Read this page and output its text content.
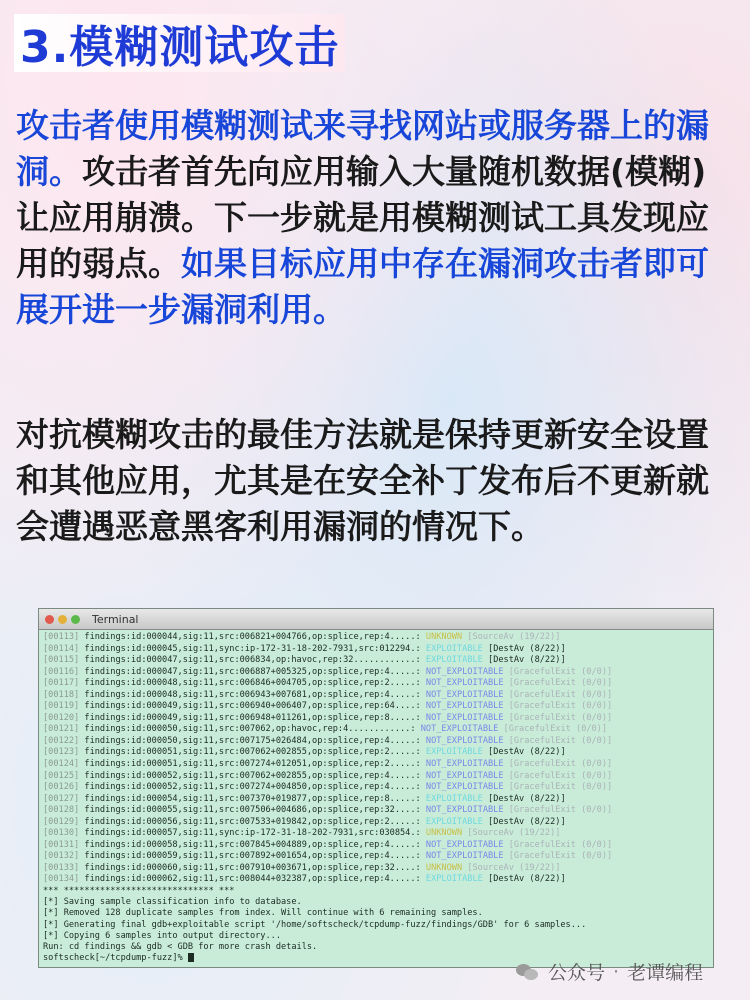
3.模糊测试攻击
攻击者使用模糊测试来寻找网站或服务器上的漏洞。攻击者首先向应用输入大量随机数据(模糊)让应用崩溃。下一步就是用模糊测试工具发现应用的弱点。如果目标应用中存在漏洞攻击者即可展开进一步漏洞利用。
对抗模糊攻击的最佳方法就是保持更新安全设置和其他应用，尤其是在安全补丁发布后不更新就会遭遇恶意黑客利用漏洞的情况下。
Terminal
[00113] findings:id:000044,sig:11,src:006821+004766,op:splice,rep:4.....: UNKNOWN [SourceAv (19/22)]
[00114] findings:id:000045,sig:11,sync:ip-172-31-18-202-7931,src:012294.: EXPLOITABLE [DestAv (8/22)]
[00115] findings:id:000047,sig:11,src:006834,op:havoc,rep:32............: EXPLOITABLE [DestAv (8/22)]
[00116] findings:id:000047,sig:11,src:006887+005325,op:splice,rep:4.....: NOT_EXPLOITABLE [GracefulExit (0/0)]
[00117] findings:id:000048,sig:11,src:006846+004705,op:splice,rep:2.....: NOT_EXPLOITABLE [GracefulExit (0/0)]
[00118] findings:id:000048,sig:11,src:006943+007681,op:splice,rep:4.....: NOT_EXPLOITABLE [GracefulExit (0/0)]
[00119] findings:id:000049,sig:11,src:006940+006407,op:splice,rep:64....: NOT_EXPLOITABLE [GracefulExit (0/0)]
[00120] findings:id:000049,sig:11,src:006948+011261,op:splice,rep:8.....: NOT_EXPLOITABLE [GracefulExit (0/0)]
[00121] findings:id:000050,sig:11,src:007062,op:havoc,rep:4............: NOT_EXPLOITABLE [GracefulExit (0/0)]
[00122] findings:id:000050,sig:11,src:007175+026484,op:splice,rep:4.....: NOT_EXPLOITABLE [GracefulExit (0/0)]
[00123] findings:id:000051,sig:11,src:007062+002855,op:splice,rep:2.....: EXPLOITABLE [DestAv (8/22)]
[00124] findings:id:000051,sig:11,src:007274+012051,op:splice,rep:2.....: NOT_EXPLOITABLE [GracefulExit (0/0)]
[00125] findings:id:000052,sig:11,src:007062+002855,op:splice,rep:4.....: NOT_EXPLOITABLE [GracefulExit (0/0)]
[00126] findings:id:000052,sig:11,src:007274+004850,op:splice,rep:4.....: NOT_EXPLOITABLE [GracefulExit (0/0)]
[00127] findings:id:000054,sig:11,src:007370+019877,op:splice,rep:8.....: EXPLOITABLE [DestAv (8/22)]
[00128] findings:id:000055,sig:11,src:007506+004686,op:splice,rep:32....: NOT_EXPLOITABLE [GracefulExit (0/0)]
[00129] findings:id:000056,sig:11,src:007533+019842,op:splice,rep:2.....: EXPLOITABLE [DestAv (8/22)]
[00130] findings:id:000057,sig:11,sync:ip-172-31-18-202-7931,src:030854.: UNKNOWN [SourceAv (19/22)]
[00131] findings:id:000058,sig:11,src:007845+004889,op:splice,rep:4.....: NOT_EXPLOITABLE [GracefulExit (0/0)]
[00132] findings:id:000059,sig:11,src:007892+001654,op:splice,rep:4.....: NOT_EXPLOITABLE [GracefulExit (0/0)]
[00133] findings:id:000060,sig:11,src:007910+003671,op:splice,rep:32....: UNKNOWN [SourceAv (19/22)]
[00134] findings:id:000062,sig:11,src:008044+032387,op:splice,rep:4.....: EXPLOITABLE [DestAv (8/22)]
*** ***************************** ***
[*] Saving sample classification info to database.
[*] Removed 128 duplicate samples from index. Will continue with 6 remaining samples.
[*] Generating final gdb+exploitable script '/home/softscheck/tcpdump-fuzz/findings/GDB' for 6 samples...
[*] Copying 6 samples into output directory...
Run: cd findings && gdb < GDB for more crash details.
softscheck[~/tcpdump-fuzz]%
公众号 · 老谭编程
